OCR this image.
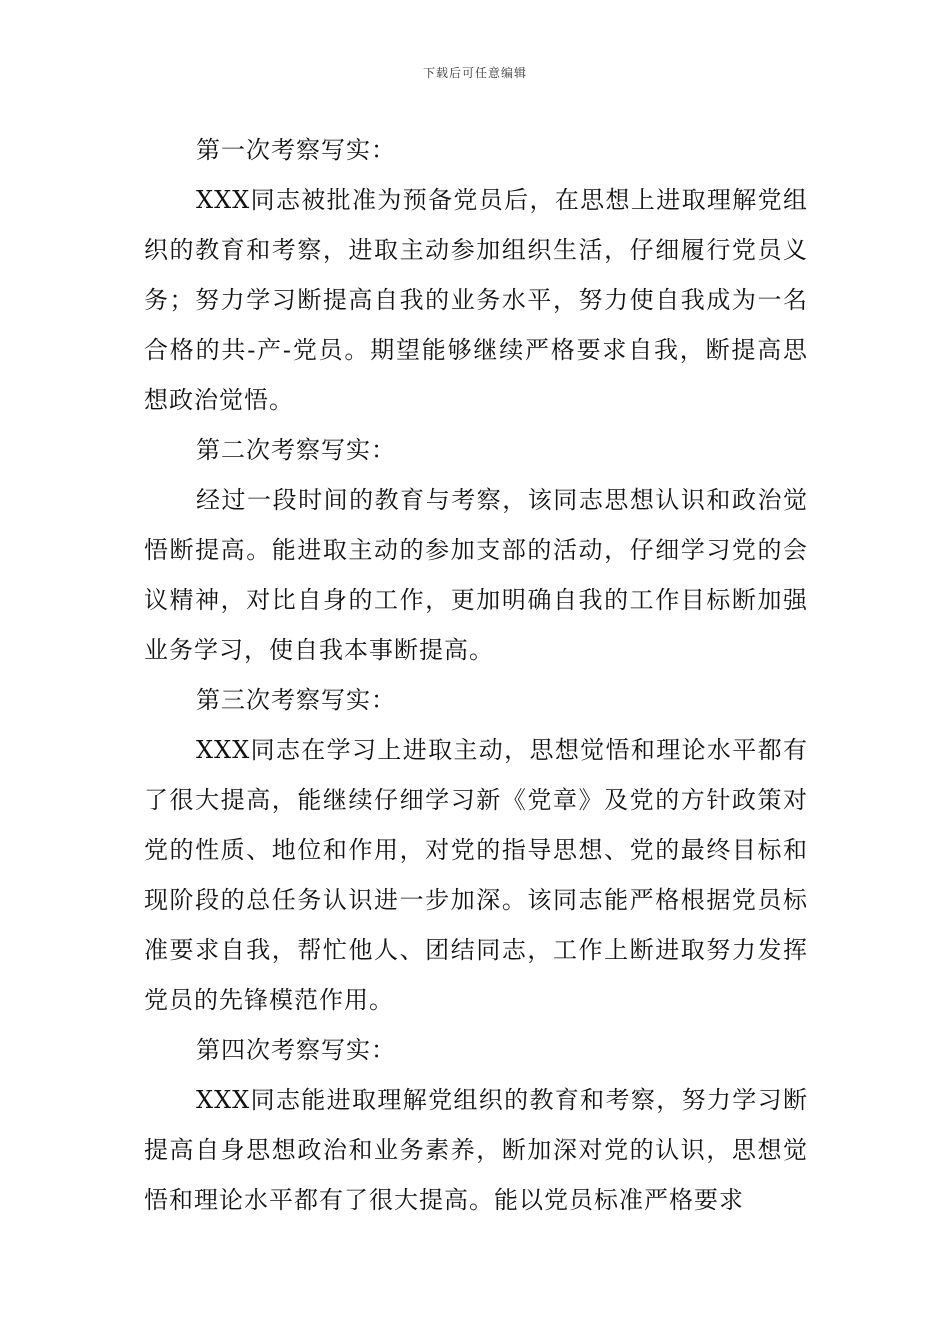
下载后可任意编辑

第一次考察写实：

XXX同志被批准为预备党员后，在思想上进取理解党组织的教育和考察，进取主动参加组织生活，仔细履行党员义务；努力学习断提高自我的业务水平，努力使自我成为一名合格的共-产-党员。期望能够继续严格要求自我，断提高思想政治觉悟。

第二次考察写实：

经过一段时间的教育与考察，该同志思想认识和政治觉悟断提高。能进取主动的参加支部的活动，仔细学习党的会议精神，对比自身的工作，更加明确自我的工作目标断加强业务学习，使自我本事断提高。

第三次考察写实：

XXX同志在学习上进取主动，思想觉悟和理论水平都有了很大提高，能继续仔细学习新《党章》及党的方针政策对党的性质、地位和作用，对党的指导思想、党的最终目标和现阶段的总任务认识进一步加深。该同志能严格根据党员标准要求自我，帮忙他人、团结同志，工作上断进取努力发挥党员的先锋模范作用。

第四次考察写实：

XXX同志能进取理解党组织的教育和考察，努力学习断提高自身思想政治和业务素养，断加深对党的认识，思想觉悟和理论水平都有了很大提高。能以党员标准严格要求
